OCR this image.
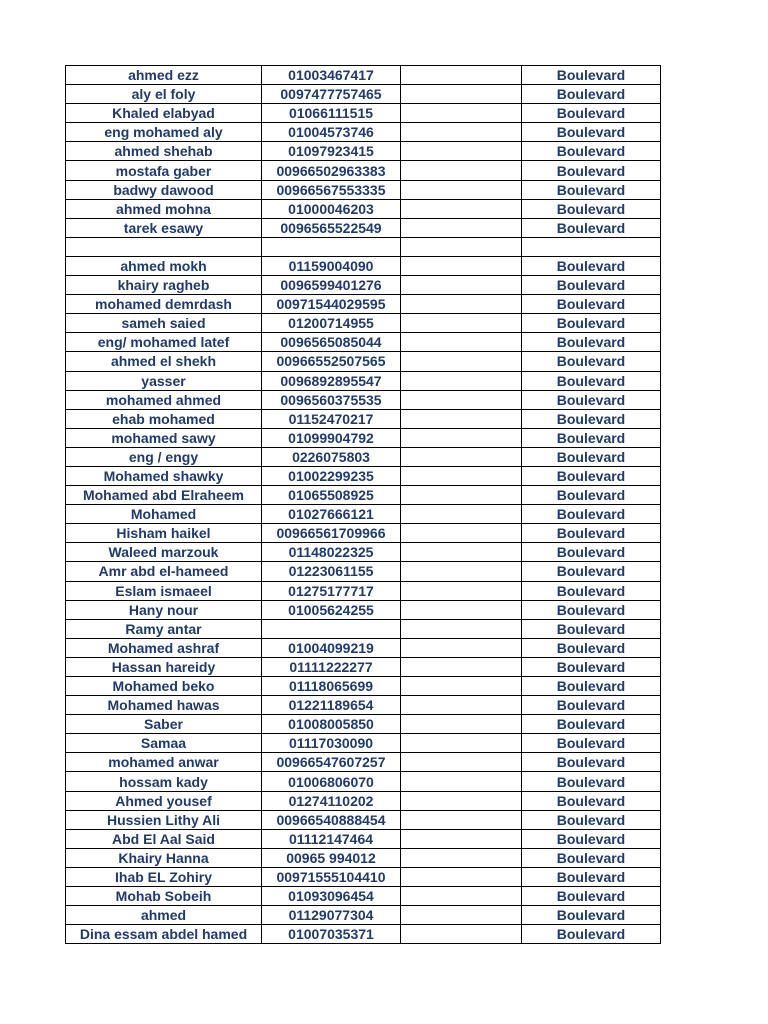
ahmed ezz	01003467417		Boulevard
aly el foly	0097477757465		Boulevard
Khaled elabyad	01066111515		Boulevard
eng mohamed aly	01004573746		Boulevard
ahmed shehab	01097923415		Boulevard
mostafa gaber	00966502963383		Boulevard
badwy dawood	00966567553335		Boulevard
ahmed mohna	01000046203		Boulevard
tarek esawy	0096565522549		Boulevard

ahmed mokh	01159004090		Boulevard
khairy ragheb	0096599401276		Boulevard
mohamed demrdash	00971544029595		Boulevard
sameh saied	01200714955		Boulevard
eng/ mohamed latef	0096565085044		Boulevard
ahmed el shekh	00966552507565		Boulevard
yasser	0096892895547		Boulevard
mohamed ahmed	0096560375535		Boulevard
ehab mohamed	01152470217		Boulevard
mohamed sawy	01099904792		Boulevard
eng / engy	0226075803		Boulevard
Mohamed shawky	01002299235		Boulevard
Mohamed abd Elraheem	01065508925		Boulevard
Mohamed	01027666121		Boulevard
Hisham haikel	00966561709966		Boulevard
Waleed marzouk	01148022325		Boulevard
Amr abd el-hameed	01223061155		Boulevard
Eslam ismaeel	01275177717		Boulevard
Hany nour	01005624255		Boulevard
Ramy antar			Boulevard
Mohamed ashraf	01004099219		Boulevard
Hassan hareidy	01111222277		Boulevard
Mohamed beko	01118065699		Boulevard
Mohamed hawas	01221189654		Boulevard
Saber	01008005850		Boulevard
Samaa	01117030090		Boulevard
mohamed anwar	00966547607257		Boulevard
hossam kady	01006806070		Boulevard
Ahmed yousef	01274110202		Boulevard
Hussien Lithy Ali	00966540888454		Boulevard
Abd El Aal Said	01112147464		Boulevard
Khairy Hanna	00965 994012		Boulevard
Ihab EL Zohiry	00971555104410		Boulevard
Mohab Sobeih	01093096454		Boulevard
ahmed	01129077304		Boulevard
Dina essam abdel hamed	01007035371		Boulevard
